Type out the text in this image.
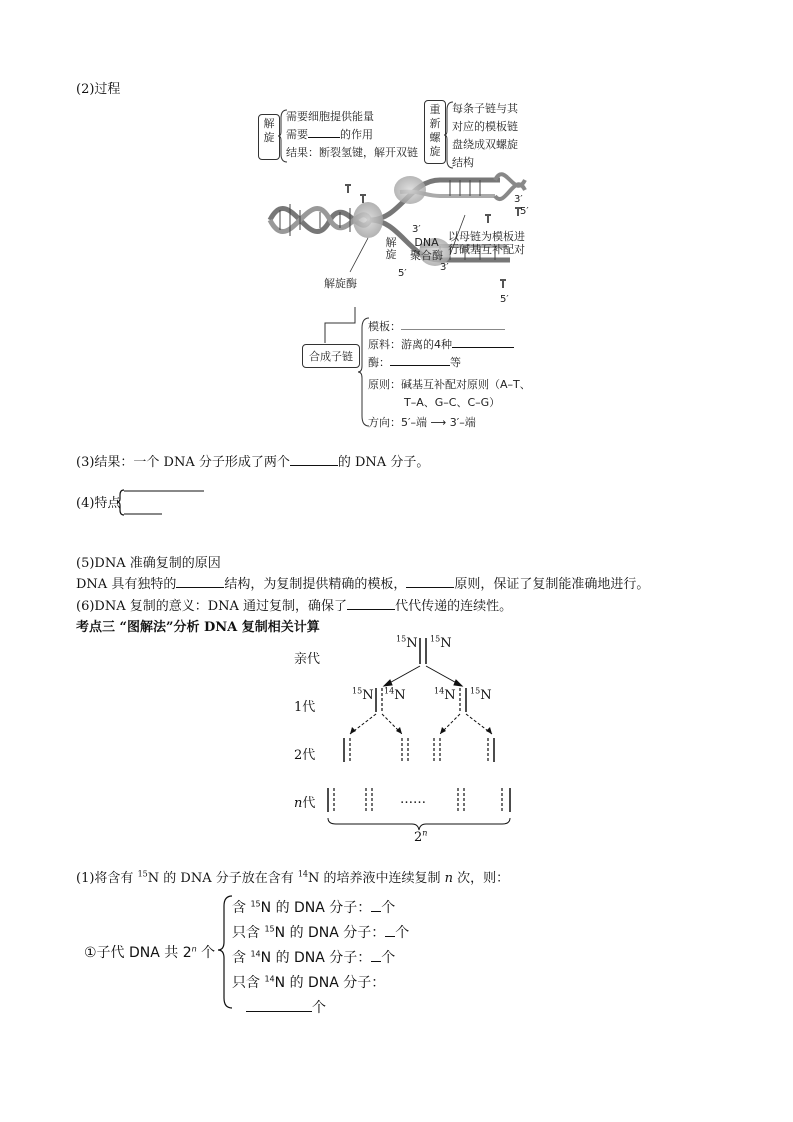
(2)过程
解旋
需要细胞提供能量
需要	的作用
结果：断裂氢键，解开双链
重新螺旋
每条子链与其
对应的模板链
盘绕成双螺旋
结构
解旋
解旋酶
DNA
聚合酶
以母链为模板进
行碱基互补配对
3′
5′
3′
5′
3′
5′
合成子链
模板：
原料：游离的4种
酶：	等
原则：碱基互补配对原则（A–T、
T–A、G–C、C–G）
方向：5′–端 ⟶ 3′–端
(3)结果：一个 DNA 分子形成了两个	的 DNA 分子。
(4)特点
(5)DNA 准确复制的原因
DNA 具有独特的	结构，为复制提供精确的模板，	原则，保证了复制能准确地进行。
(6)DNA 复制的意义：DNA 通过复制，确保了	代代传递的连续性。
考点三 “图解法”分析 DNA 复制相关计算
亲代
1代
2代
n代
$^{15}$N $^{15}$N
$^{15}$N $^{14}$N	$^{14}$N $^{15}$N
……
2$^n$
(1)将含有 $^{15}$N 的 DNA 分子放在含有 $^{14}$N 的培养液中连续复制 n 次，则：
①子代 DNA 共 2$^n$ 个
含 $^{15}$N 的 DNA 分子： 个
只含 $^{15}$N 的 DNA 分子： 个
含 $^{14}$N 的 DNA 分子： 个
只含 $^{14}$N 的 DNA 分子：
个
